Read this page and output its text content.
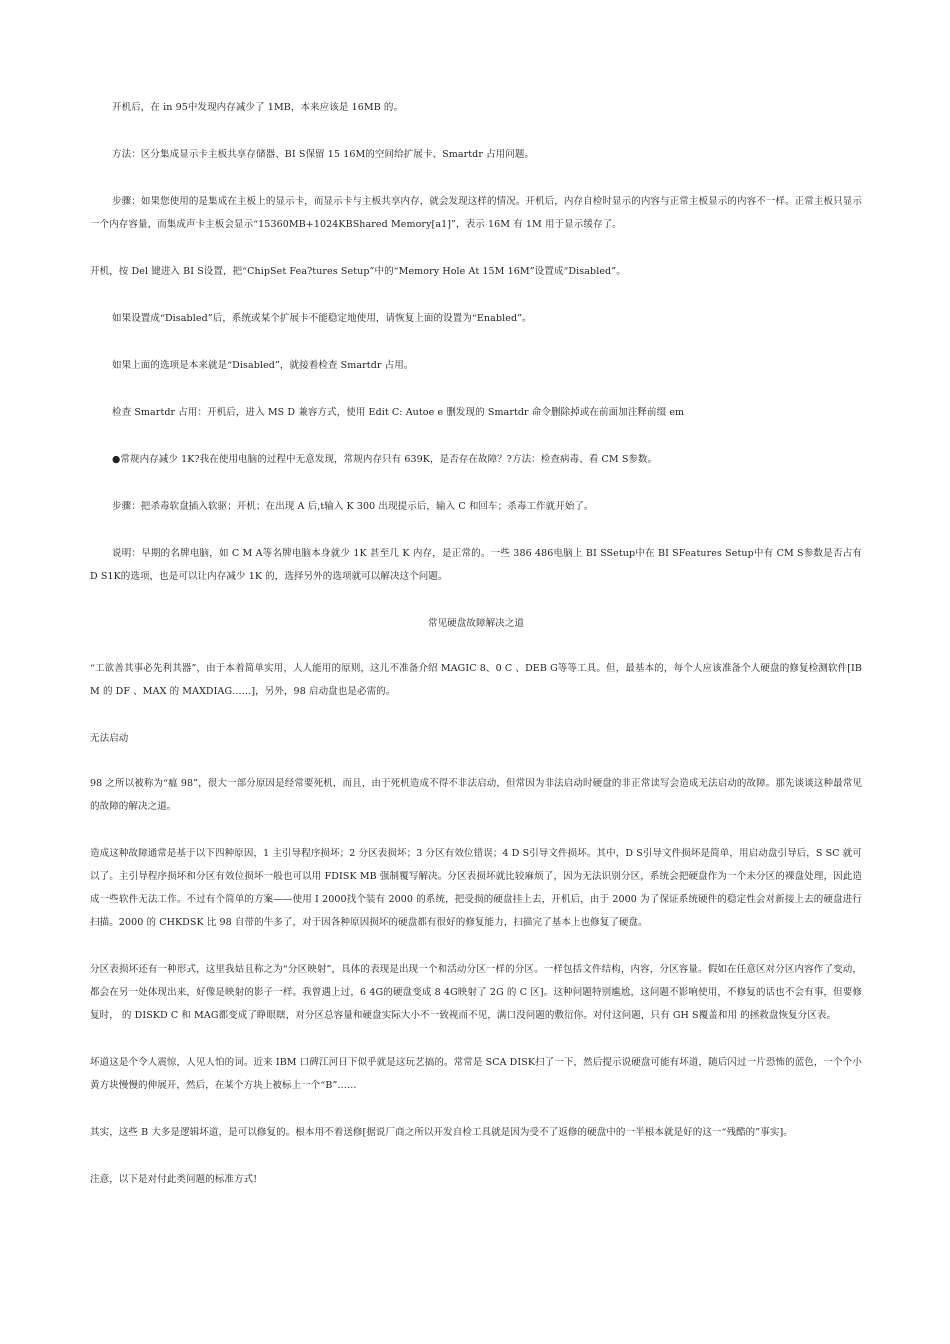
开机后，在 in 95中发现内存减少了 1MB，本来应该是 16MB 的。

方法：区分集成显示卡主板共享存储器、BI S保留 15 16M的空间给扩展卡、Smartdr 占用问题。

步骤：如果您使用的是集成在主板上的显示卡，而显示卡与主板共享内存，就会发现这样的情况。开机后，内存自检时显示的内容与正常主板显示的内容不一样。正常主板只显示一个内存容量，而集成声卡主板会显示“15360MB+1024KBShared Memory[a1]”，表示 16M 有 1M 用于显示缓存了。

开机，按 Del 键进入 BI S设置，把“ChipSet Fea?tures Setup”中的“Memory Hole At 15M 16M”设置成“Disabled”。

如果设置成“Disabled”后，系统或某个扩展卡不能稳定地使用，请恢复上面的设置为“Enabled”。

如果上面的选项是本来就是“Disabled”，就接着检查 Smartdr 占用。

检查 Smartdr 占用：开机后，进入 MS D 兼容方式，使用 Edit C: Autoe e 删发现的 Smartdr 命令删除掉或在前面加注释前缀 em

●常规内存减少 1K?我在使用电脑的过程中无意发现，常规内存只有 639K，是否存在故障？?方法：检查病毒、看 CM S参数。

步骤：把杀毒软盘插入软驱；开机；在出现 A 后,t输入 K 300 出现提示后，输入 C 和回车；杀毒工作就开始了。

说明：早期的名牌电脑，如 C M A等名牌电脑本身就少 1K 甚至几 K 内存，是正常的。一些 386 486电脑上 BI SSetup中在 BI SFeatures Setup中有 CM S参数是否占有 D S1K的选项，也是可以让内存减少 1K 的，选择另外的选项就可以解决这个问题。

常见硬盘故障解决之道

“工欲善其事必先利其器”，由于本着简单实用，人人能用的原则，这儿不准备介绍 MAGIC 8、0 C 、DEB G等等工具。但，最基本的，每个人应该准备个人硬盘的修复检测软件[IBM 的 DF 、MAX 的 MAXDIAG……]，另外，98 启动盘也是必需的。

无法启动

98 之所以被称为“瘟 98”，很大一部分原因是经常要死机，而且，由于死机造成不得不非法启动，但常因为非法启动时硬盘的非正常读写会造成无法启动的故障。那先谈谈这种最常见的故障的解决之道。

造成这种故障通常是基于以下四种原因，1 主引导程序损坏；2 分区表损坏；3 分区有效位错误；4 D S引导文件损坏。其中，D S引导文件损坏是简单，用启动盘引导后，S SC 就可以了。主引导程序损坏和分区有效位损坏一般也可以用 FDISK MB 强制覆写解决。分区表损坏就比较麻烦了，因为无法识别分区，系统会把硬盘作为一个未分区的裸盘处理，因此造成一些软件无法工作。不过有个简单的方案——使用 I 2000找个装有 2000 的系统，把受损的硬盘挂上去，开机后，由于 2000 为了保证系统硬件的稳定性会对新接上去的硬盘进行扫描。2000 的 CHKDSK 比 98 自带的牛多了，对于因各种原因损坏的硬盘都有很好的修复能力，扫描完了基本上也修复了硬盘。

分区表损坏还有一种形式，这里我姑且称之为“分区映射”，具体的表现是出现一个和活动分区一样的分区。一样包括文件结构，内容，分区容量。假如在任意区对分区内容作了变动，都会在另一处体现出来，好像是映射的影子一样。我曾遇上过，6 4G的硬盘变成 8 4G映射了 2G 的 C 区]。这种问题特别尴尬，这问题不影响使用，不修复的话也不会有事，但要修复时， 的 DISKD C 和 MAG都变成了睁眼瞎，对分区总容量和硬盘实际大小不一致视而不见，满口没问题的敷衍你。对付这问题，只有 GH S覆盖和用 的拯救盘恢复分区表。

坏道这是个令人震惊，人见人怕的词。近来 IBM 口碑江河日下似乎就是这玩艺搞的。常常是 SCA DISK扫了一下，然后提示说硬盘可能有坏道，随后闪过一片恐怖的蓝色，一个个小黄方块慢慢的伸展开，然后，在某个方块上被标上一个“B”……

其实，这些 B 大多是逻辑坏道，是可以修复的。根本用不着送修[据说厂商之所以开发自检工具就是因为受不了返修的硬盘中的一半根本就是好的这一“残酷的”事实]。

注意，以下是对付此类问题的标准方式!
